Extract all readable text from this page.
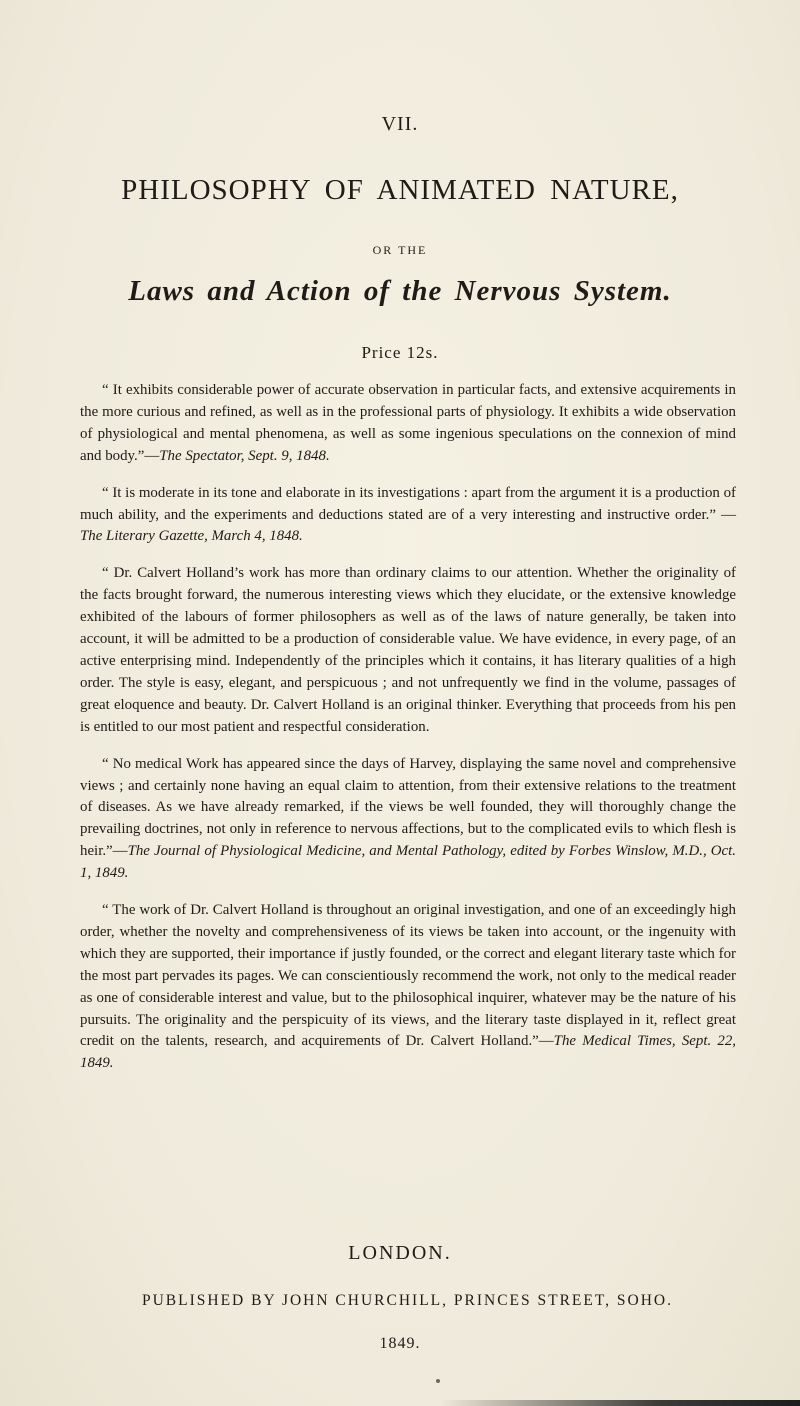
VII.
PHILOSOPHY OF ANIMATED NATURE,
OR THE
Laws and Action of the Nervous System.
Price 12s.

“ It exhibits considerable power of accurate observation in particular facts, and extensive acquirements in the more curious and refined, as well as in the professional parts of physiology. It exhibits a wide observation of physiological and mental phenomena, as well as some ingenious speculations on the connexion of mind and body.”—The Spectator, Sept. 9, 1848.

“ It is moderate in its tone and elaborate in its investigations : apart from the argument it is a production of much ability, and the experiments and deductions stated are of a very interesting and instructive order.” — The Literary Gazette, March 4, 1848.

“ Dr. Calvert Holland’s work has more than ordinary claims to our attention. Whether the originality of the facts brought forward, the numerous interesting views which they elucidate, or the extensive knowledge exhibited of the labours of former philosophers as well as of the laws of nature generally, be taken into account, it will be admitted to be a production of considerable value. We have evidence, in every page, of an active enterprising mind. Independently of the principles which it contains, it has literary qualities of a high order. The style is easy, elegant, and perspicuous ; and not unfrequently we find in the volume, passages of great eloquence and beauty. Dr. Calvert Holland is an original thinker. Everything that proceeds from his pen is entitled to our most patient and respectful consideration.

“ No medical Work has appeared since the days of Harvey, displaying the same novel and comprehensive views ; and certainly none having an equal claim to attention, from their extensive relations to the treatment of diseases. As we have already remarked, if the views be well founded, they will thoroughly change the prevailing doctrines, not only in reference to nervous affections, but to the complicated evils to which flesh is heir.”—The Journal of Physiological Medicine, and Mental Pathology, edited by Forbes Winslow, M.D., Oct. 1, 1849.

“ The work of Dr. Calvert Holland is throughout an original investigation, and one of an exceedingly high order, whether the novelty and comprehensiveness of its views be taken into account, or the ingenuity with which they are supported, their importance if justly founded, or the correct and elegant literary taste which for the most part pervades its pages. We can conscientiously recommend the work, not only to the medical reader as one of considerable interest and value, but to the philosophical inquirer, whatever may be the nature of his pursuits. The originality and the perspicuity of its views, and the literary taste displayed in it, reflect great credit on the talents, research, and acquirements of Dr. Calvert Holland.”—The Medical Times, Sept. 22, 1849.

LONDON.
PUBLISHED BY JOHN CHURCHILL, PRINCES STREET, SOHO.
1849.
